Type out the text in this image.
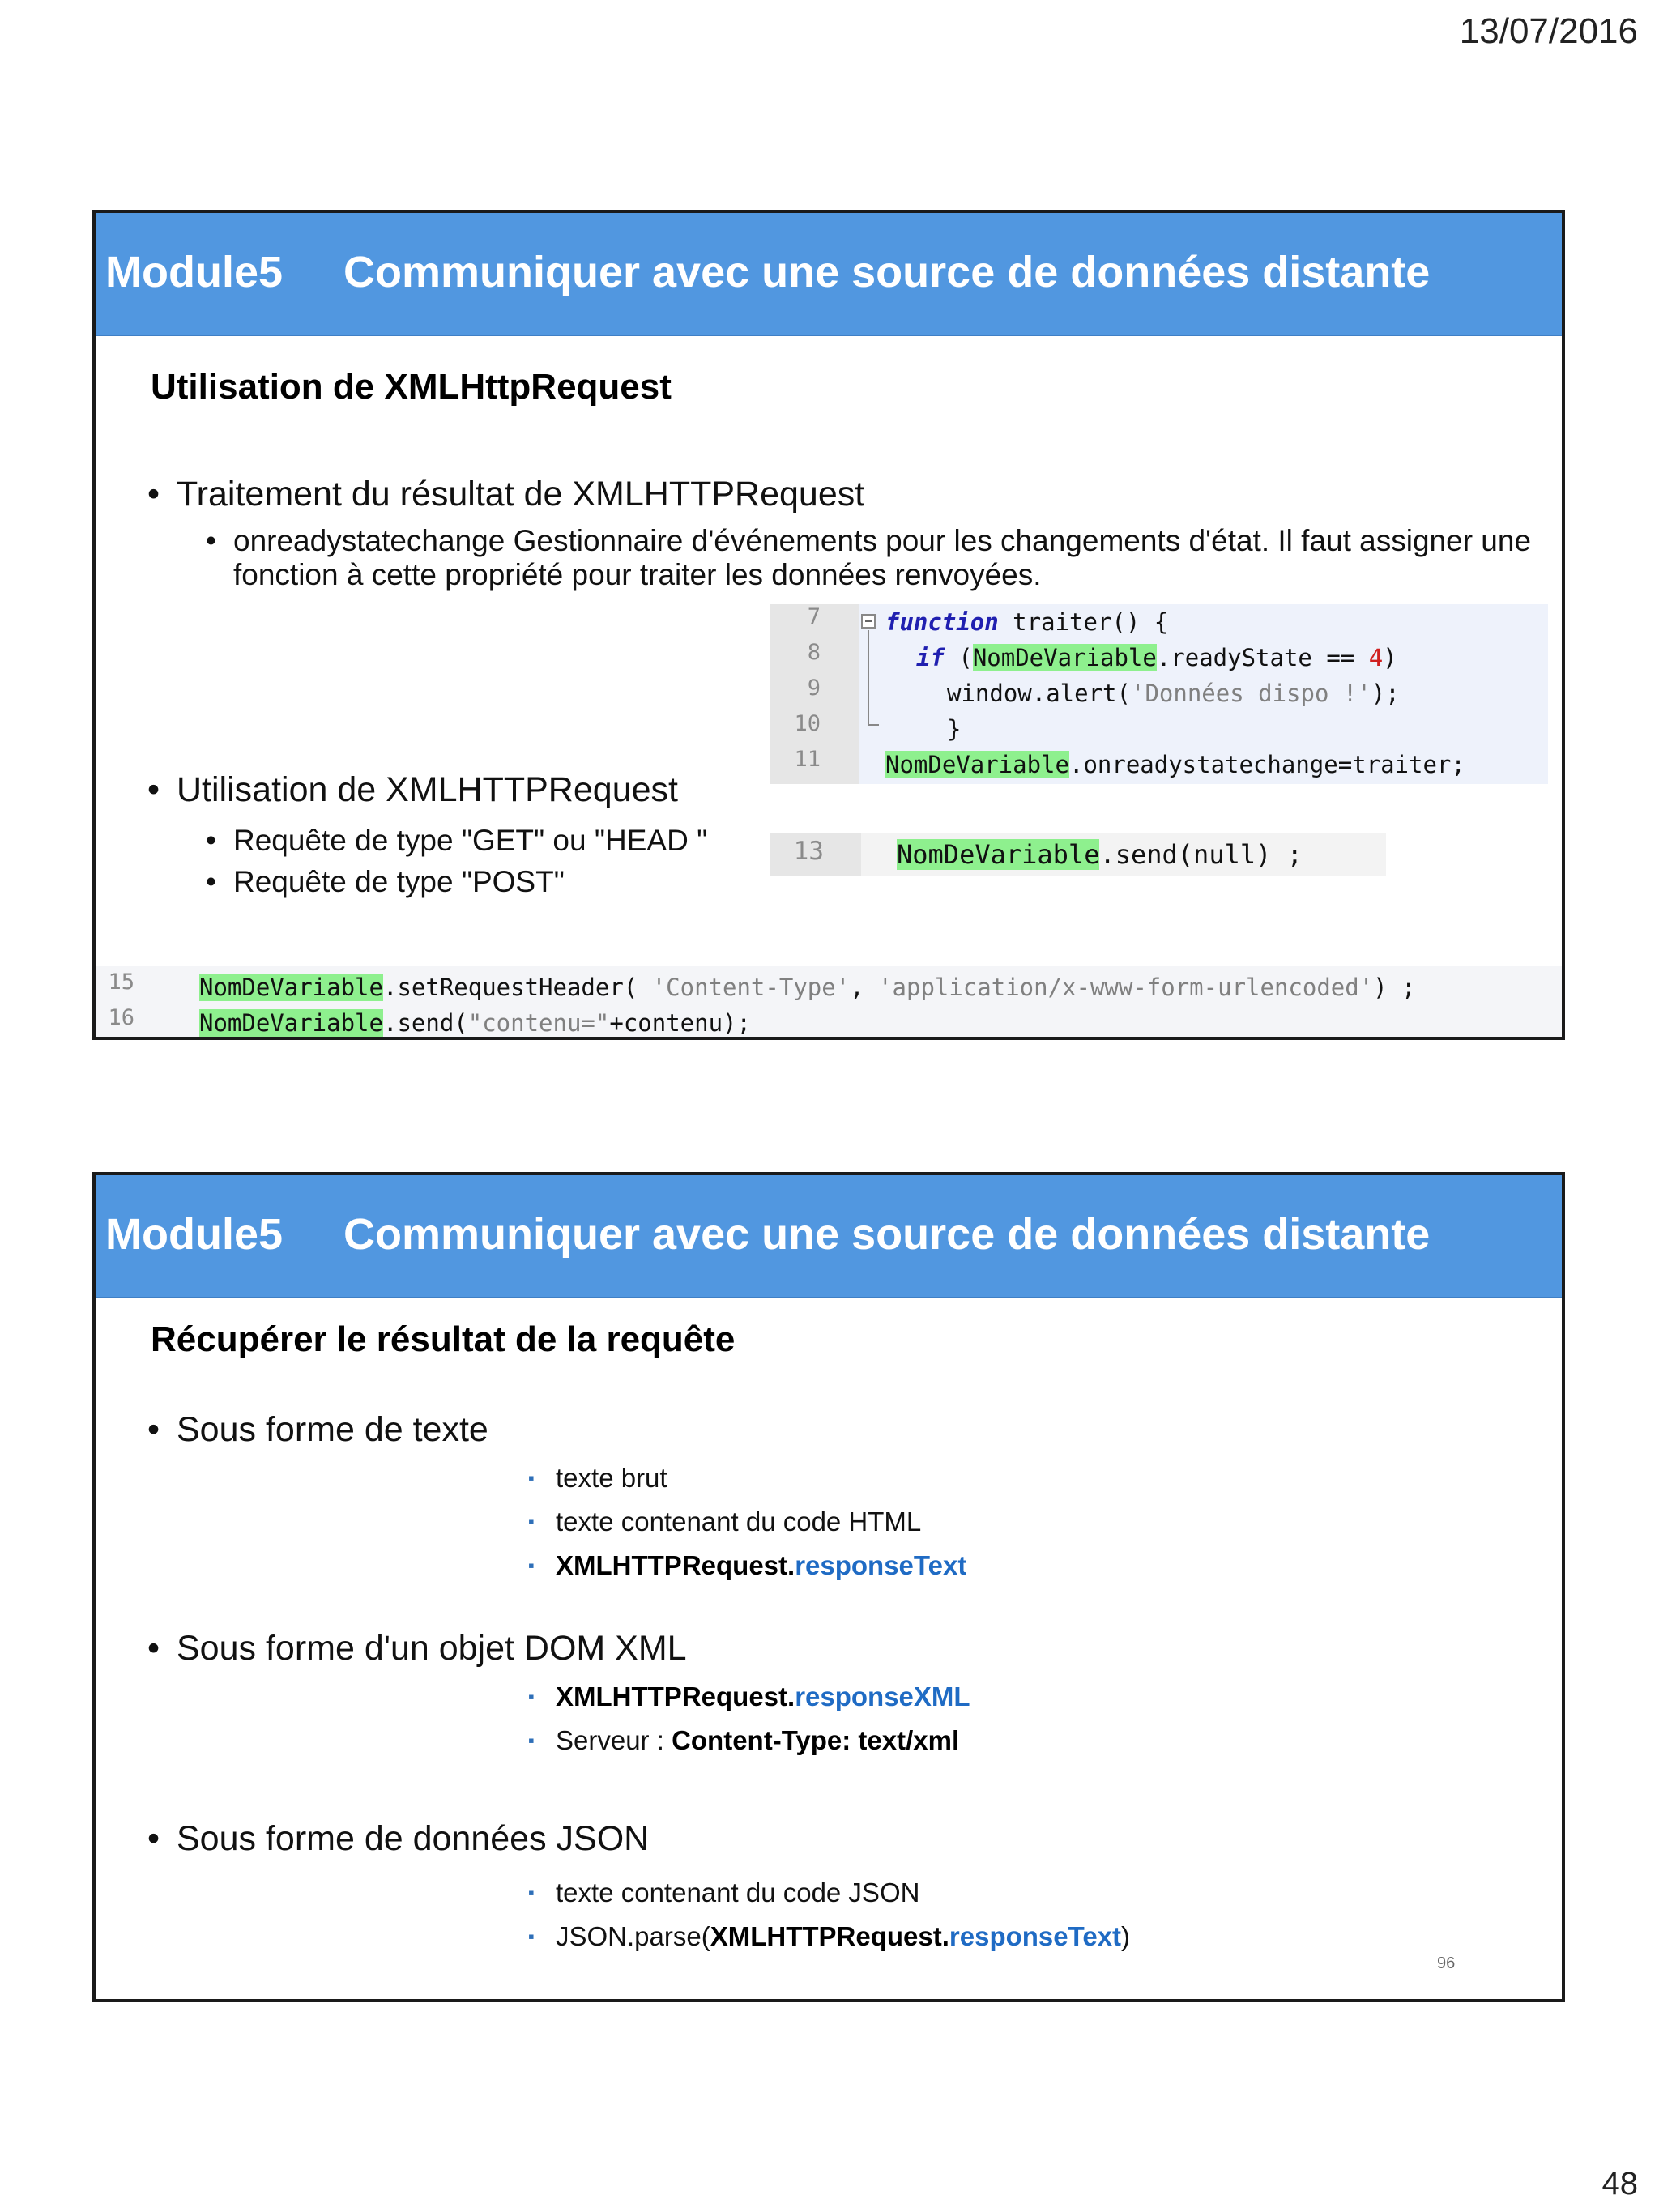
13/07/2016
Module5 Communiquer avec une source de données distante
Utilisation de XMLHttpRequest
• Traitement du résultat de XMLHTTPRequest
• onreadystatechange Gestionnaire d'événements pour les changements d'état. Il faut assigner une fonction à cette propriété pour traiter les données renvoyées.
7
8
9
10
11
function traiter() {
if (NomDeVariable.readyState == 4)
window.alert('Données dispo !');
}
NomDeVariable.onreadystatechange=traiter;
• Utilisation de XMLHTTPRequest
• Requête de type "GET" ou "HEAD "
• Requête de type "POST"
13	NomDeVariable.send(null) ;
15
16
NomDeVariable.setRequestHeader( 'Content-Type', 'application/x-www-form-urlencoded') ;
NomDeVariable.send("contenu="+contenu);
Module5 Communiquer avec une source de données distante
Récupérer le résultat de la requête
• Sous forme de texte
▪ texte brut
▪ texte contenant du code HTML
▪ XMLHTTPRequest.responseText
• Sous forme d'un objet DOM XML
▪ XMLHTTPRequest.responseXML
▪ Serveur : Content-Type: text/xml
• Sous forme de données JSON
▪ texte contenant du code JSON
▪ JSON.parse(XMLHTTPRequest.responseText)
96
48
